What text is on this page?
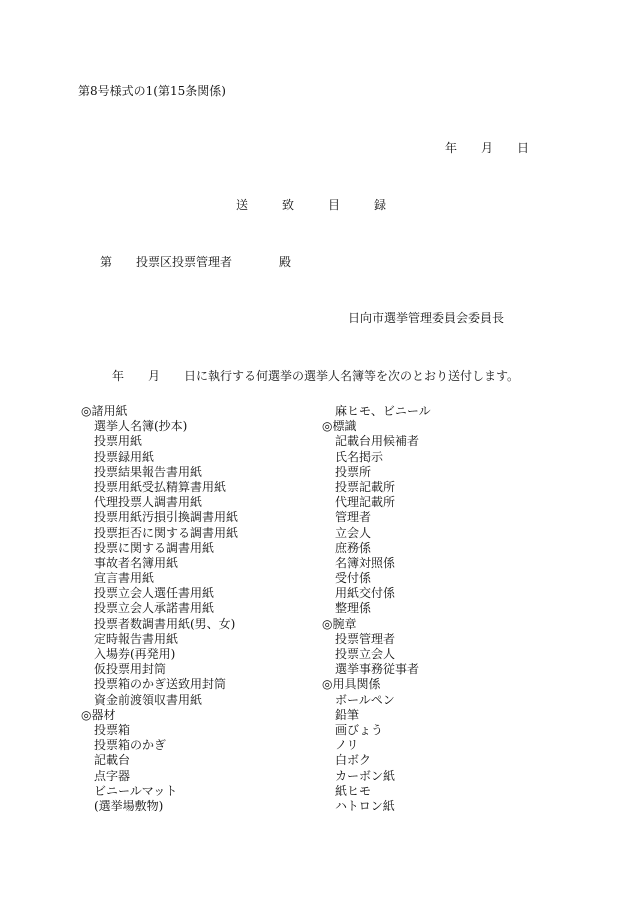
第8号様式の1(第15条関係)
年 月 日
送	致	目	録
第 投票区投票管理者	殿
日向市選挙管理委員会委員長
年 月 日に執行する何選挙の選挙人名簿等を次のとおり送付します。
◎諸用紙
選挙人名簿(抄本)
投票用紙
投票録用紙
投票結果報告書用紙
投票用紙受払精算書用紙
代理投票人調書用紙
投票用紙汚損引換調書用紙
投票拒否に関する調書用紙
投票に関する調書用紙
事故者名簿用紙
宣言書用紙
投票立会人選任書用紙
投票立会人承諾書用紙
投票者数調書用紙(男、女)
定時報告書用紙
入場券(再発用)
仮投票用封筒
投票箱のかぎ送致用封筒
資金前渡領収書用紙
◎器材
投票箱
投票箱のかぎ
記載台
点字器
ビニールマット
(選挙場敷物)
麻ヒモ、ビニール
◎標識
記載台用候補者
氏名掲示
投票所
投票記載所
代理記載所
管理者
立会人
庶務係
名簿対照係
受付係
用紙交付係
整理係
◎腕章
投票管理者
投票立会人
選挙事務従事者
◎用具関係
ボールペン
鉛筆
画びょう
ノリ
白ボク
カーボン紙
紙ヒモ
ハトロン紙
